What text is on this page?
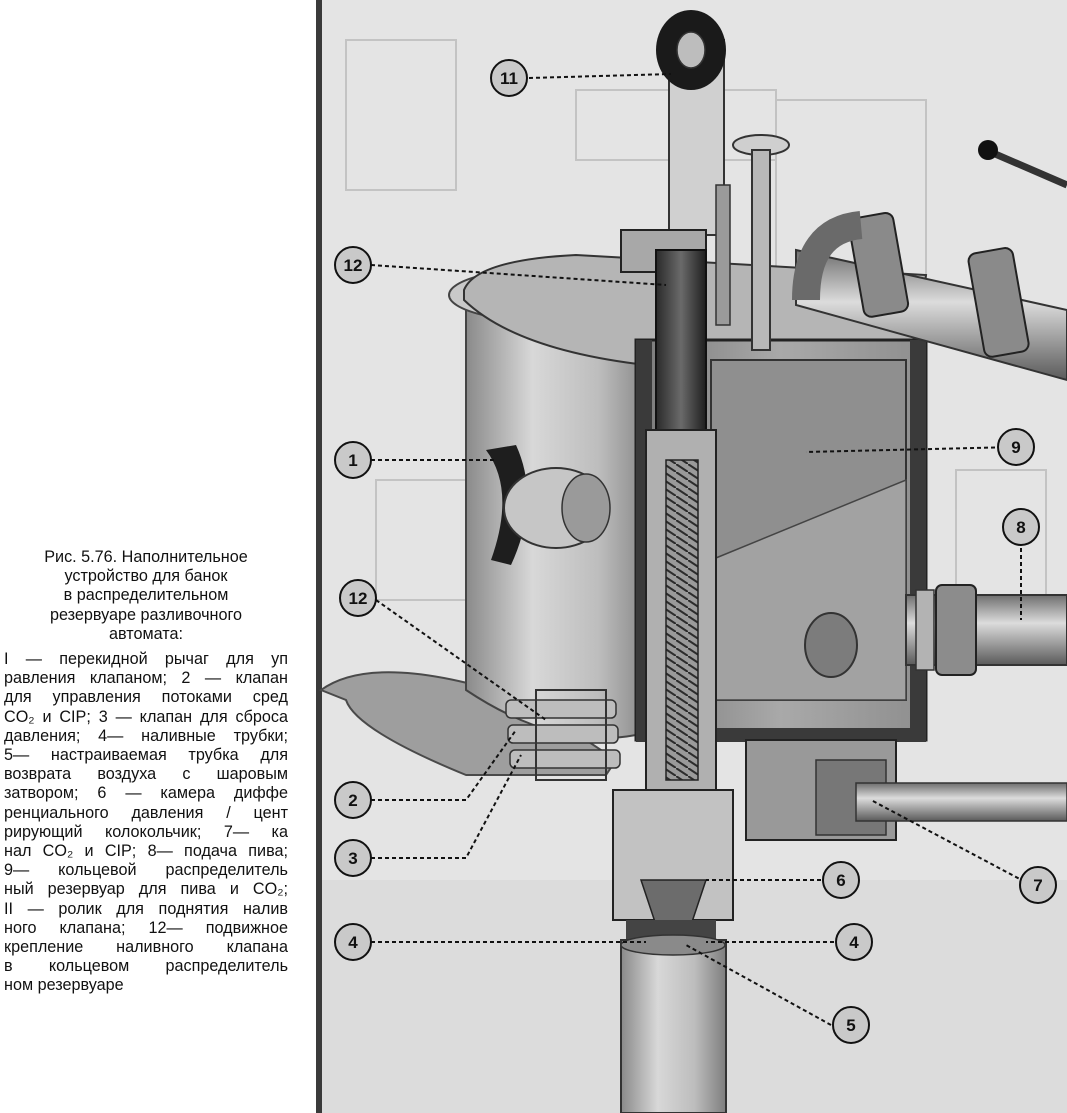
Рис. 5.76. Наполнительное
устройство для банок
в распределительном
резервуаре разливочного
автомата:
I — перекидной рычаг для уп
равления клапаном; 2 — клапан
для управления потоками сред
CO₂ и CIP; 3 — клапан для сброса
давления; 4— наливные трубки;
5— настраиваемая трубка для
возврата воздуха с шаровым
затвором; 6 — камера диффе
ренциального давления / цент
рирующий колокольчик; 7— ка
нал CO₂ и CIP; 8— подача пива;
9— кольцевой распределитель
ный резервуар для пива и CO₂;
II — ролик для поднятия налив
ного клапана; 12— подвижное
крепление наливного клапана
в кольцевом распределитель
ном резервуаре
11
12
1
12
2
3
4
9
8
6	7
4
5
